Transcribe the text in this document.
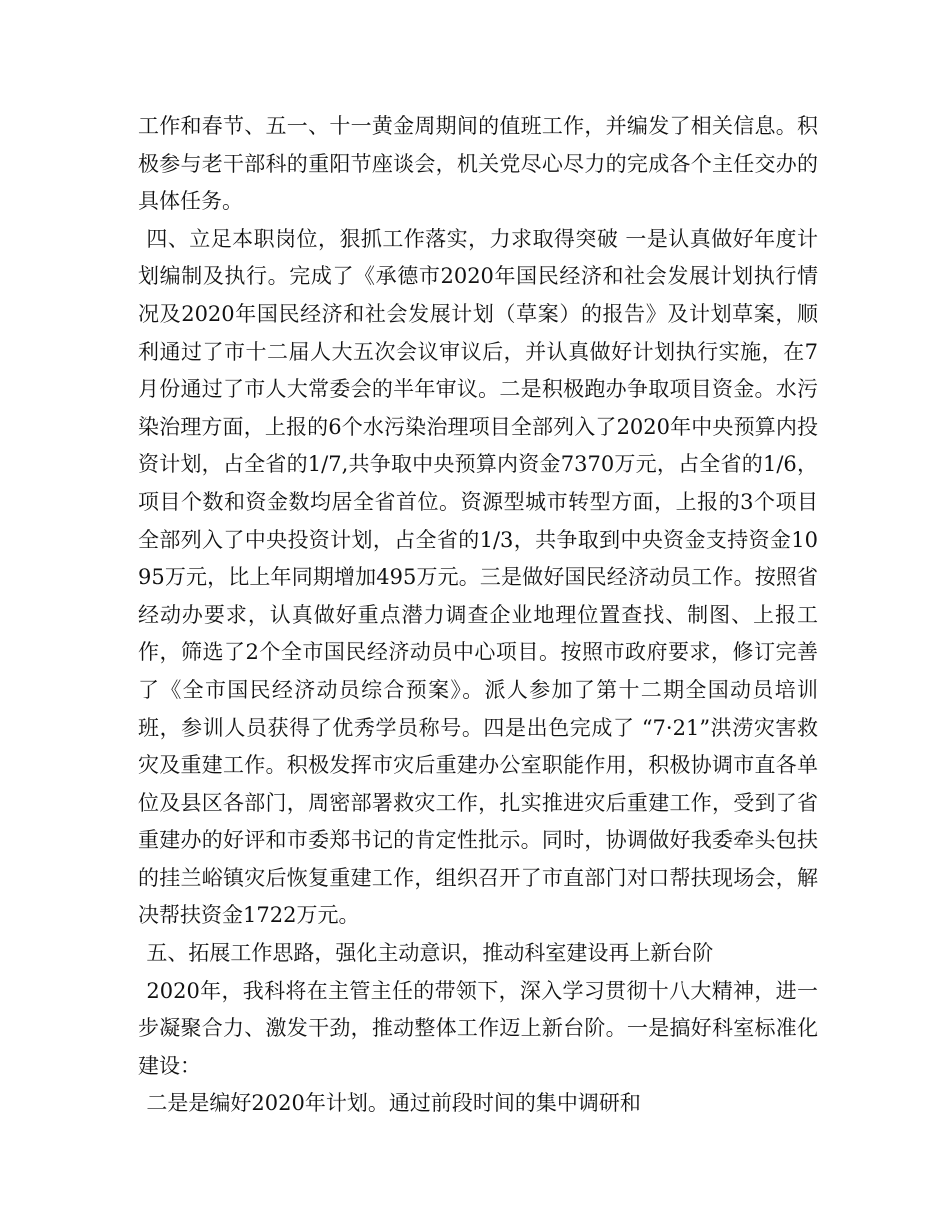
工作和春节、五一、十一黄金周期间的值班工作，并编发了相关信息。积极参与老干部科的重阳节座谈会，机关党尽心尽力的完成各个主任交办的具体任务。

四、立足本职岗位，狠抓工作落实，力求取得突破 一是认真做好年度计划编制及执行。完成了《承德市2020年国民经济和社会发展计划执行情况及2020年国民经济和社会发展计划（草案）的报告》及计划草案，顺利通过了市十二届人大五次会议审议后，并认真做好计划执行实施，在7月份通过了市人大常委会的半年审议。二是积极跑办争取项目资金。水污染治理方面，上报的6个水污染治理项目全部列入了2020年中央预算内投资计划，占全省的1/7,共争取中央预算内资金7370万元，占全省的1/6，项目个数和资金数均居全省首位。资源型城市转型方面，上报的3个项目全部列入了中央投资计划，占全省的1/3，共争取到中央资金支持资金1095万元，比上年同期增加495万元。三是做好国民经济动员工作。按照省经动办要求，认真做好重点潜力调查企业地理位置查找、制图、上报工作，筛选了2个全市国民经济动员中心项目。按照市政府要求，修订完善了《全市国民经济动员综合预案》。派人参加了第十二期全国动员培训班，参训人员获得了优秀学员称号。四是出色完成了 “7·21”洪涝灾害救灾及重建工作。积极发挥市灾后重建办公室职能作用，积极协调市直各单位及县区各部门，周密部署救灾工作，扎实推进灾后重建工作，受到了省重建办的好评和市委郑书记的肯定性批示。同时，协调做好我委牵头包扶的挂兰峪镇灾后恢复重建工作，组织召开了市直部门对口帮扶现场会，解决帮扶资金1722万元。

五、拓展工作思路，强化主动意识，推动科室建设再上新台阶

2020年，我科将在主管主任的带领下，深入学习贯彻十八大精神，进一步凝聚合力、激发干劲，推动整体工作迈上新台阶。一是搞好科室标准化建设：

二是是编好2020年计划。通过前段时间的集中调研和
